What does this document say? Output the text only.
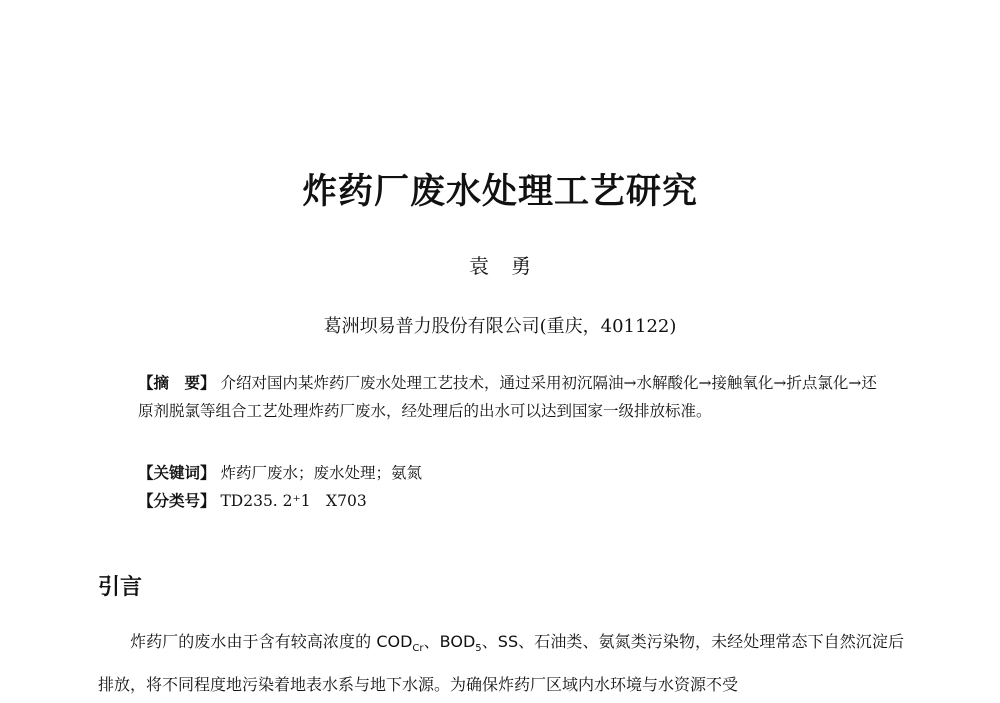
炸药厂废水处理工艺研究
袁 勇
葛洲坝易普力股份有限公司(重庆，401122)
【摘　要】 介绍对国内某炸药厂废水处理工艺技术，通过采用初沉隔油→水解酸化→接触氧化→折点氯化→还原剂脱氯等组合工艺处理炸药厂废水，经处理后的出水可以达到国家一级排放标准。
【关键词】 炸药厂废水；废水处理；氨氮
【分类号】 TD235. 2⁺1　X703
引言
炸药厂的废水由于含有较高浓度的 $COD_{Cr}$、$BOD_5$、SS、石油类、氨氮类污染物，未经处理常态下自然沉淀后排放，将不同程度地污染着地表水系与地下水源。为确保炸药厂区域内水环境与水资源不受
